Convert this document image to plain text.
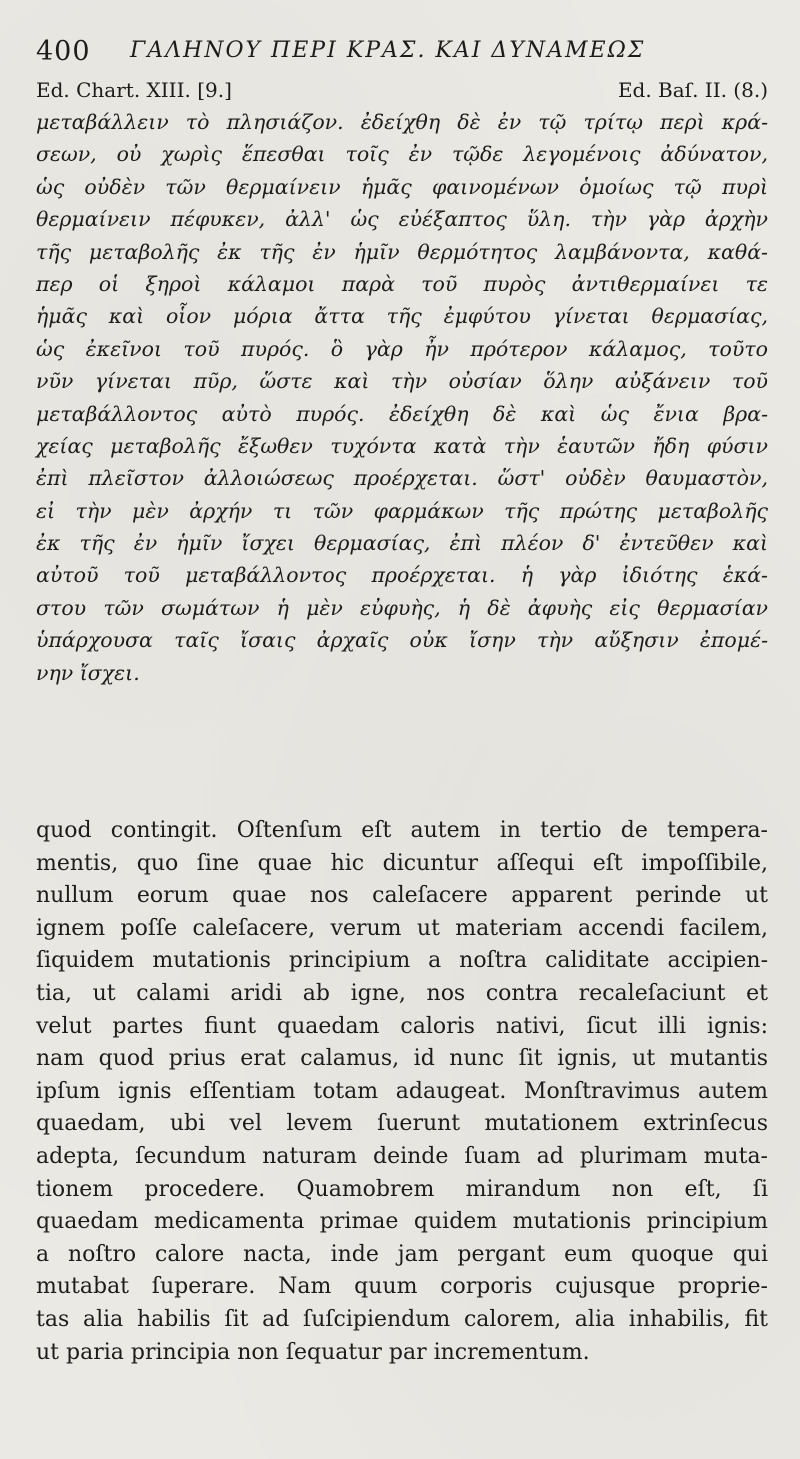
400 ΓΑΛΗΝΟΥ ΠΕΡΙ ΚΡΑΣ. ΚΑΙ ΔΥΝΑΜΕΩΣ
Ed. Chart. XIII. [9.]	Ed. Baſ. II. (8.)
μεταβάλλειν τὸ πλησιάζον. ἐδείχθη δὲ ἐν τῷ τρίτῳ περὶ κρά-
σεων, οὐ χωρὶς ἕπεσθαι τοῖς ἐν τῷδε λεγομένοις ἀδύνατον,
ὡς οὐδὲν τῶν θερμαίνειν ἡμᾶς φαινομένων ὁμοίως τῷ πυρὶ
θερμαίνειν πέφυκεν, ἀλλ' ὡς εὐέξαπτος ὕλη. τὴν γὰρ ἀρχὴν
τῆς μεταβολῆς ἐκ τῆς ἐν ἡμῖν θερμότητος λαμβάνοντα, καθά-
περ οἱ ξηροὶ κάλαμοι παρὰ τοῦ πυρὸς ἀντιθερμαίνει τε
ἡμᾶς καὶ οἷον μόρια ἄττα τῆς ἐμφύτου γίνεται θερμασίας,
ὡς ἐκεῖνοι τοῦ πυρός. ὃ γὰρ ἦν πρότερον κάλαμος, τοῦτο
νῦν γίνεται πῦρ, ὥστε καὶ τὴν οὐσίαν ὅλην αὐξάνειν τοῦ
μεταβάλλοντος αὐτὸ πυρός. ἐδείχθη δὲ καὶ ὡς ἔνια βρα-
χείας μεταβολῆς ἔξωθεν τυχόντα κατὰ τὴν ἑαυτῶν ἤδη φύσιν
ἐπὶ πλεῖστον ἀλλοιώσεως προέρχεται. ὥστ' οὐδὲν θαυμαστὸν,
εἰ τὴν μὲν ἀρχήν τι τῶν φαρμάκων τῆς πρώτης μεταβολῆς
ἐκ τῆς ἐν ἡμῖν ἴσχει θερμασίας, ἐπὶ πλέον δ' ἐντεῦθεν καὶ
αὐτοῦ τοῦ μεταβάλλοντος προέρχεται. ἡ γὰρ ἰδιότης ἑκά-
στου τῶν σωμάτων ἡ μὲν εὐφυὴς, ἡ δὲ ἀφυὴς εἰς θερμασίαν
ὑπάρχουσα ταῖς ἴσαις ἀρχαῖς οὐκ ἴσην τὴν αὔξησιν ἐπομέ-
νην ἴσχει.
quod contingit. Oſtenſum eſt autem in tertio de tempera-
mentis, quo ſine quae hic dicuntur aſſequi eſt impoſſibile,
nullum eorum quae nos caleſacere apparent perinde ut
ignem poſſe caleſacere, verum ut materiam accendi facilem,
ſiquidem mutationis principium a noſtra caliditate accipien-
tia, ut calami aridi ab igne, nos contra recaleſaciunt et
velut partes fiunt quaedam caloris nativi, ſicut illi ignis:
nam quod prius erat calamus, id nunc ſit ignis, ut mutantis
ipſum ignis eſſentiam totam adaugeat. Monſtravimus autem
quaedam, ubi vel levem ſuerunt mutationem extrinſecus
adepta, ſecundum naturam deinde ſuam ad plurimam muta-
tionem procedere. Quamobrem mirandum non eſt, ſi
quaedam medicamenta primae quidem mutationis principium
a noſtro calore nacta, inde jam pergant eum quoque qui
mutabat ſuperare. Nam quum corporis cujusque proprie-
tas alia habilis ſit ad ſuſcipiendum calorem, alia inhabilis, fit
ut paria principia non ſequatur par incrementum.
